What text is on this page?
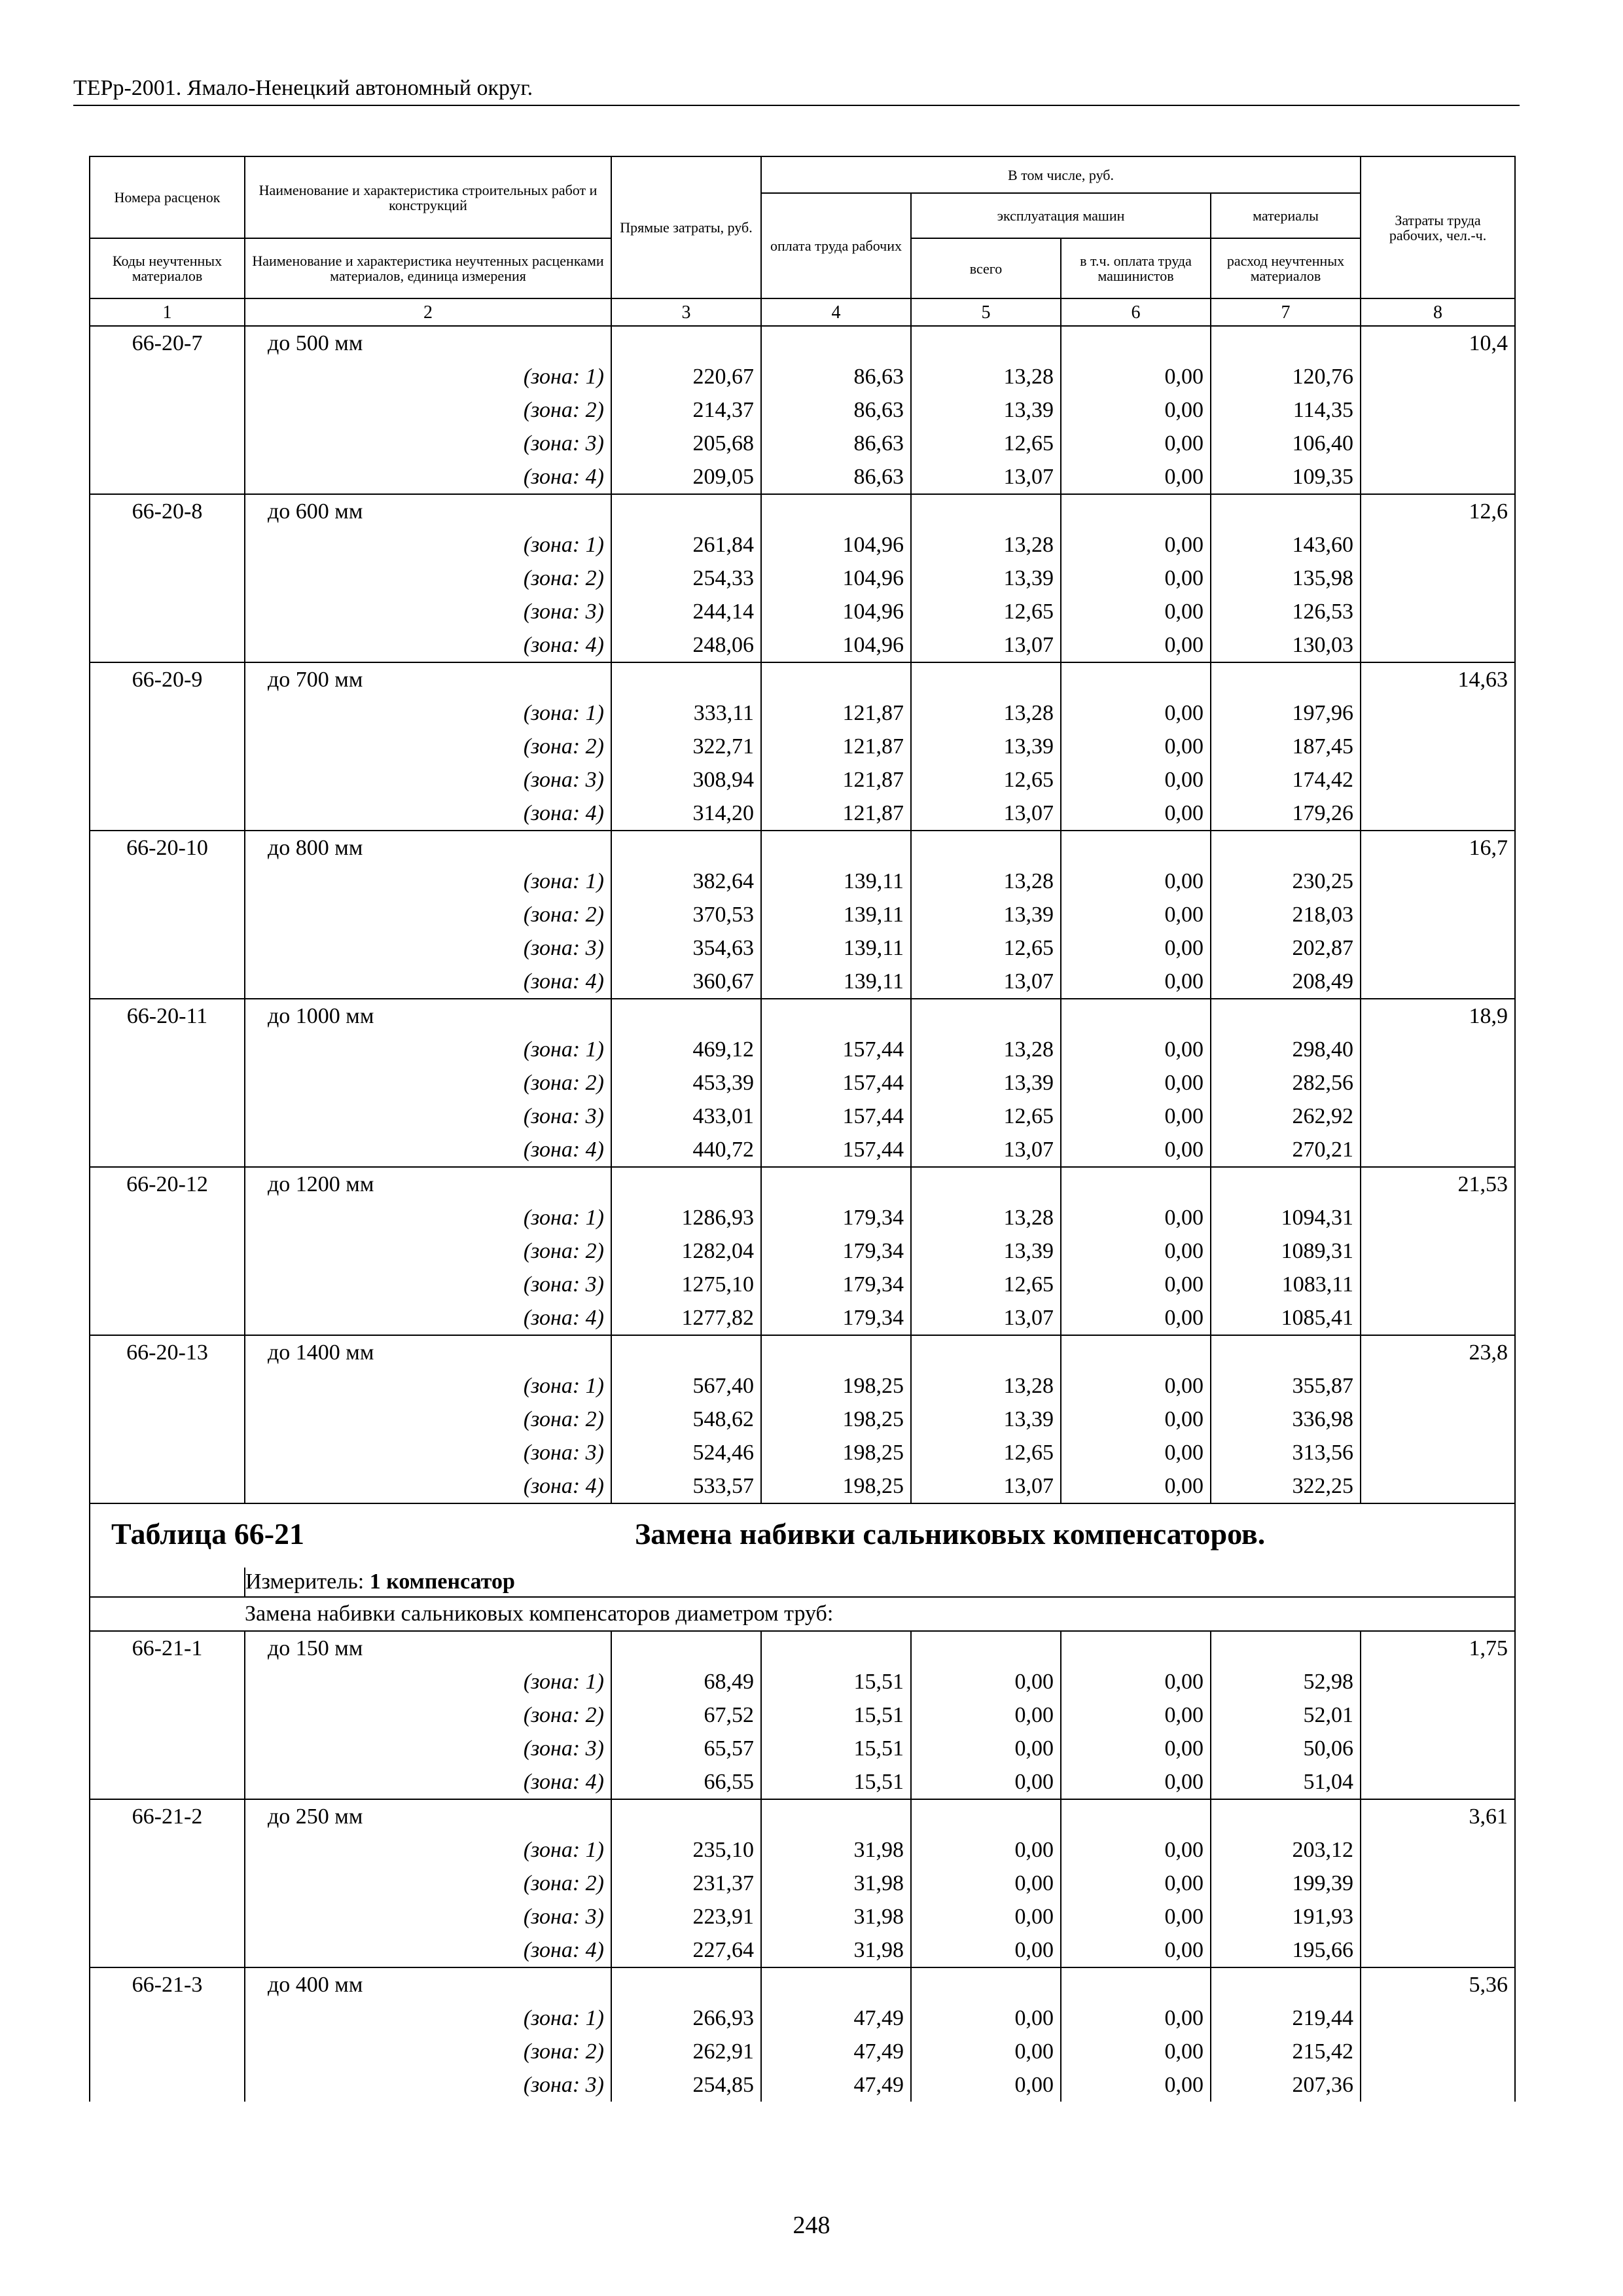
ТЕРр-2001. Ямало-Ненецкий автономный округ.
Номера расценок	Наименование и характеристика строительных работ и конструкций	Прямые затраты, руб.	В том числе, руб.				Затраты труда рабочих, чел.-ч.
			оплата труда рабочих	эксплуатация машин		материалы	
Коды неучтенных материалов	Наименование и характеристика неучтенных расценками материалов, единица измерения			всего	в т.ч. оплата труда машинистов	расход неучтенных материалов	
1	2	3	4	5	6	7	8
66-20-7	до 500 мм						10,4
	(зона: 1)	220,67	86,63	13,28	0,00	120,76	
	(зона: 2)	214,37	86,63	13,39	0,00	114,35	
	(зона: 3)	205,68	86,63	12,65	0,00	106,40	
	(зона: 4)	209,05	86,63	13,07	0,00	109,35	
66-20-8	до 600 мм						12,6
	(зона: 1)	261,84	104,96	13,28	0,00	143,60	
	(зона: 2)	254,33	104,96	13,39	0,00	135,98	
	(зона: 3)	244,14	104,96	12,65	0,00	126,53	
	(зона: 4)	248,06	104,96	13,07	0,00	130,03	
66-20-9	до 700 мм						14,63
	(зона: 1)	333,11	121,87	13,28	0,00	197,96	
	(зона: 2)	322,71	121,87	13,39	0,00	187,45	
	(зона: 3)	308,94	121,87	12,65	0,00	174,42	
	(зона: 4)	314,20	121,87	13,07	0,00	179,26	
66-20-10	до 800 мм						16,7
	(зона: 1)	382,64	139,11	13,28	0,00	230,25	
	(зона: 2)	370,53	139,11	13,39	0,00	218,03	
	(зона: 3)	354,63	139,11	12,65	0,00	202,87	
	(зона: 4)	360,67	139,11	13,07	0,00	208,49	
66-20-11	до 1000 мм						18,9
	(зона: 1)	469,12	157,44	13,28	0,00	298,40	
	(зона: 2)	453,39	157,44	13,39	0,00	282,56	
	(зона: 3)	433,01	157,44	12,65	0,00	262,92	
	(зона: 4)	440,72	157,44	13,07	0,00	270,21	
66-20-12	до 1200 мм						21,53
	(зона: 1)	1286,93	179,34	13,28	0,00	1094,31	
	(зона: 2)	1282,04	179,34	13,39	0,00	1089,31	
	(зона: 3)	1275,10	179,34	12,65	0,00	1083,11	
	(зона: 4)	1277,82	179,34	13,07	0,00	1085,41	
66-20-13	до 1400 мм						23,8
	(зона: 1)	567,40	198,25	13,28	0,00	355,87	
	(зона: 2)	548,62	198,25	13,39	0,00	336,98	
	(зона: 3)	524,46	198,25	12,65	0,00	313,56	
	(зона: 4)	533,57	198,25	13,07	0,00	322,25	
Таблица 66-21 Замена набивки сальниковых компенсаторов.							
	Измеритель: 1 компенсатор						
	Замена набивки сальниковых компенсаторов диаметром труб:						
66-21-1	до 150 мм						1,75
	(зона: 1)	68,49	15,51	0,00	0,00	52,98	
	(зона: 2)	67,52	15,51	0,00	0,00	52,01	
	(зона: 3)	65,57	15,51	0,00	0,00	50,06	
	(зона: 4)	66,55	15,51	0,00	0,00	51,04	
66-21-2	до 250 мм						3,61
	(зона: 1)	235,10	31,98	0,00	0,00	203,12	
	(зона: 2)	231,37	31,98	0,00	0,00	199,39	
	(зона: 3)	223,91	31,98	0,00	0,00	191,93	
	(зона: 4)	227,64	31,98	0,00	0,00	195,66	
66-21-3	до 400 мм						5,36
	(зона: 1)	266,93	47,49	0,00	0,00	219,44	
	(зона: 2)	262,91	47,49	0,00	0,00	215,42	
	(зона: 3)	254,85	47,49	0,00	0,00	207,36	
248
